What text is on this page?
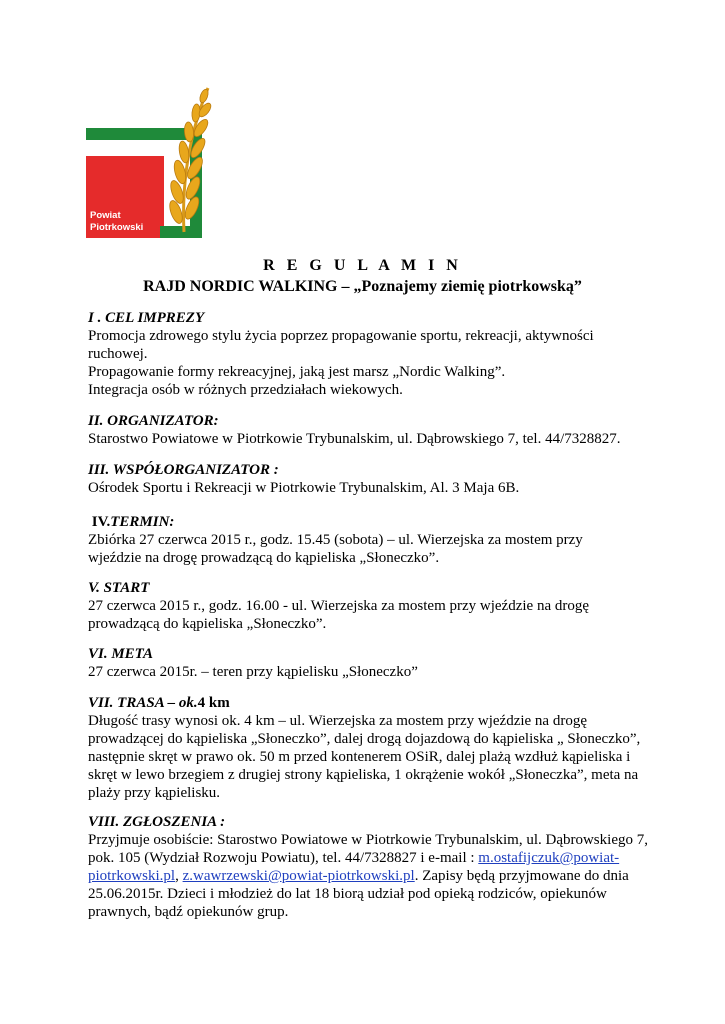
Powiat
Piotrkowski
R E G U L A M I N
RAJD NORDIC WALKING – „Poznajemy ziemię piotrkowską”
I . CEL IMPREZY
Promocja zdrowego stylu życia poprzez propagowanie sportu, rekreacji, aktywności
ruchowej.
Propagowanie formy rekreacyjnej, jaką jest marsz „Nordic Walking”.
Integracja osób w różnych przedziałach wiekowych.
II. ORGANIZATOR:
Starostwo Powiatowe w Piotrkowie Trybunalskim, ul. Dąbrowskiego 7, tel. 44/7328827.
III. WSPÓŁORGANIZATOR :
Ośrodek Sportu i Rekreacji w Piotrkowie Trybunalskim, Al. 3 Maja 6B.
IV.TERMIN:
Zbiórka 27 czerwca 2015 r., godz. 15.45 (sobota) – ul. Wierzejska za mostem przy
wjeździe na drogę prowadzącą do kąpieliska „Słoneczko”.
V. START
27 czerwca 2015 r., godz. 16.00 - ul. Wierzejska za mostem przy wjeździe na drogę
prowadzącą do kąpieliska „Słoneczko”.
VI. META
27 czerwca 2015r. – teren przy kąpielisku „Słoneczko”
VII. TRASA – ok.4 km
Długość trasy wynosi ok. 4 km – ul. Wierzejska za mostem przy wjeździe na drogę
prowadzącej do kąpieliska „Słoneczko”, dalej drogą dojazdową do kąpieliska „ Słoneczko”,
następnie skręt w prawo ok. 50 m przed kontenerem OSiR, dalej plażą wzdłuż kąpieliska i
skręt w lewo brzegiem z drugiej strony kąpieliska, 1 okrążenie wokół „Słoneczka”, meta na
plaży przy kąpielisku.
VIII. ZGŁOSZENIA :
Przyjmuje osobiście: Starostwo Powiatowe w Piotrkowie Trybunalskim, ul. Dąbrowskiego 7,
pok. 105 (Wydział Rozwoju Powiatu), tel. 44/7328827 i e-mail : m.ostafijczuk@powiat-
piotrkowski.pl, z.wawrzewski@powiat-piotrkowski.pl. Zapisy będą przyjmowane do dnia
25.06.2015r. Dzieci i młodzież do lat 18 biorą udział pod opieką rodziców, opiekunów
prawnych, bądź opiekunów grup.
